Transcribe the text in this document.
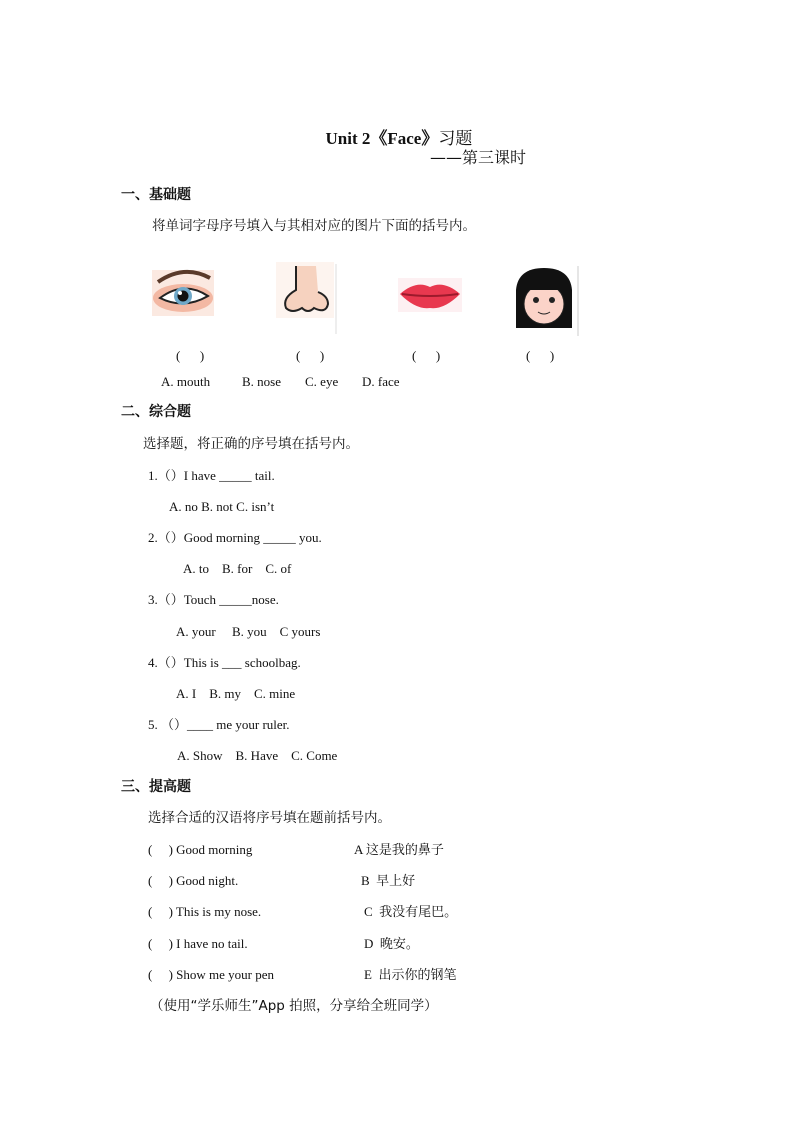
Unit 2《Face》习题

——第三课时
一、基础题
将单词字母序号填入与其相对应的图片下面的括号内。
(      )	(      )	(      )	(      )
A. mouth B. nose C. eye D. face
二、综合题
选择题，将正确的序号填在括号内。
1.（）I have _____ tail.
A. no B. not C. isn’t
2.（）Good morning _____ you.
A. to    B. for    C. of
3.（）Touch _____nose.
A. your     B. you    C yours
4.（）This is ___ schoolbag.
A. I    B. my    C. mine
5. （）____ me your ruler.
A. Show    B. Have    C. Come
三、提高题
选择合适的汉语将序号填在题前括号内。
(     ) Good morning	A 这是我的鼻子
(     ) Good night.	B  早上好
(     ) This is my nose.	C  我没有尾巴。
(     ) I have no tail.	D  晚安。
(     ) Show me your pen	E  出示你的钢笔
（使用“学乐师生”App 拍照，分享给全班同学）
